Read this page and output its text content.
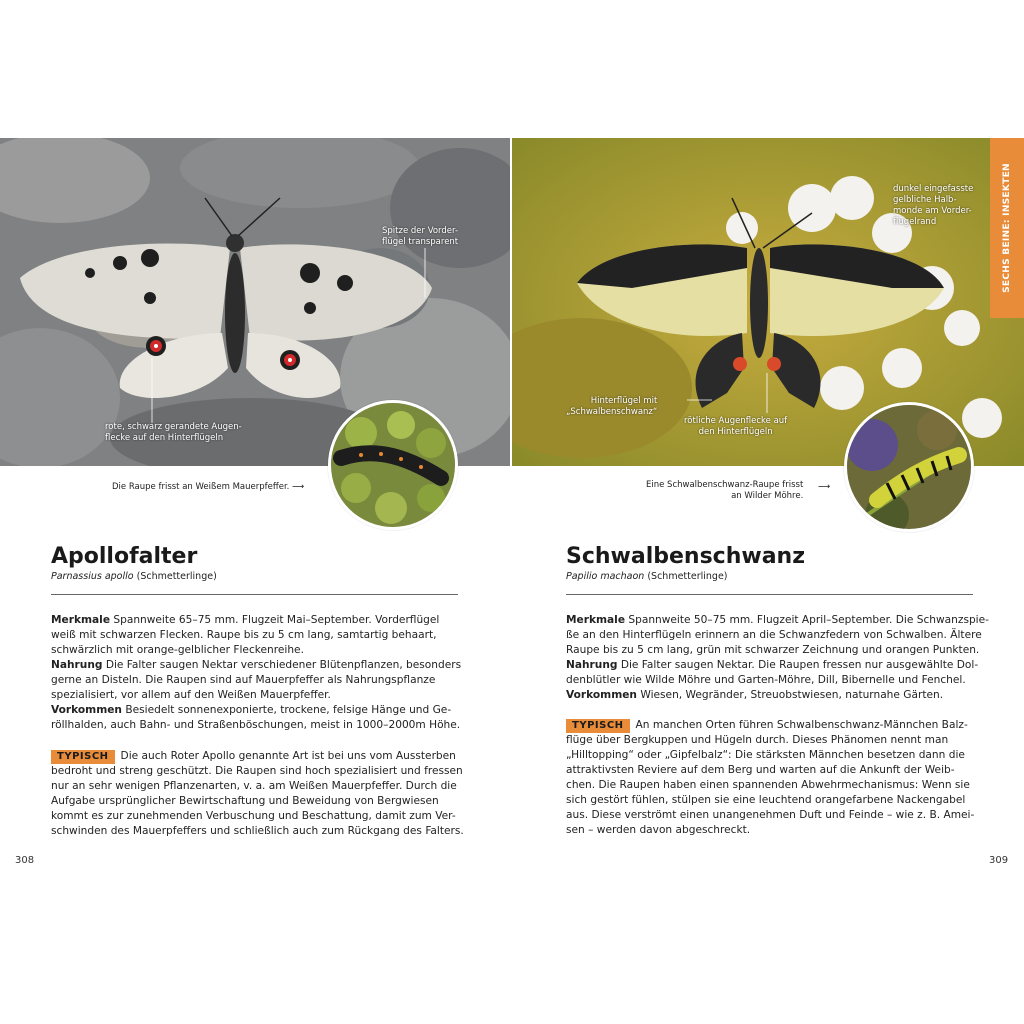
Spitze der Vorder-
flügel transparent
rote, schwarz gerandete Augen-
flecke auf den Hinterflügeln
Die Raupe frisst an Weißem Mauerpfeffer. ⟶
dunkel eingefasste
gelbliche Halb-
monde am Vorder-
flügelrand
Hinterflügel mit
„Schwalbenschwanz“
rötliche Augenflecke auf
den Hinterflügeln
Eine Schwalbenschwanz-Raupe frisst
an Wilder Möhre.
⟶
SECHS BEINE: INSEKTEN
Apollofalter
Parnassius apollo (Schmetterlinge)
Merkmale Spannweite 65–75 mm. Flugzeit Mai–September. Vorderflügel
weiß mit schwarzen Flecken. Raupe bis zu 5 cm lang, samtartig behaart,
schwärzlich mit orange-gelblicher Fleckenreihe.
Nahrung Die Falter saugen Nektar verschiedener Blütenpflanzen, besonders
gerne an Disteln. Die Raupen sind auf Mauerpfeffer als Nahrungspflanze
spezialisiert, vor allem auf den Weißen Mauerpfeffer.
Vorkommen Besiedelt sonnenexponierte, trockene, felsige Hänge und Ge-
röllhalden, auch Bahn- und Straßenböschungen, meist in 1000–2000m Höhe.
TYPISCH Die auch Roter Apollo genannte Art ist bei uns vom Aussterben
bedroht und streng geschützt. Die Raupen sind hoch spezialisiert und fressen
nur an sehr wenigen Pflanzenarten, v. a. am Weißen Mauerpfeffer. Durch die
Aufgabe ursprünglicher Bewirtschaftung und Beweidung von Bergwiesen
kommt es zur zunehmenden Verbuschung und Beschattung, damit zum Ver-
schwinden des Mauerpfeffers und schließlich auch zum Rückgang des Falters.
308
Schwalbenschwanz
Papilio machaon (Schmetterlinge)
Merkmale Spannweite 50–75 mm. Flugzeit April–September. Die Schwanzspie-
ße an den Hinterflügeln erinnern an die Schwanzfedern von Schwalben. Ältere
Raupe bis zu 5 cm lang, grün mit schwarzer Zeichnung und orangen Punkten.
Nahrung Die Falter saugen Nektar. Die Raupen fressen nur ausgewählte Dol-
denblütler wie Wilde Möhre und Garten-Möhre, Dill, Bibernelle und Fenchel.
Vorkommen Wiesen, Wegränder, Streuobstwiesen, naturnahe Gärten.
TYPISCH An manchen Orten führen Schwalbenschwanz-Männchen Balz-
flüge über Bergkuppen und Hügeln durch. Dieses Phänomen nennt man
„Hilltopping“ oder „Gipfelbalz“: Die stärksten Männchen besetzen dann die
attraktivsten Reviere auf dem Berg und warten auf die Ankunft der Weib-
chen. Die Raupen haben einen spannenden Abwehrmechanismus: Wenn sie
sich gestört fühlen, stülpen sie eine leuchtend orangefarbene Nackengabel
aus. Diese verströmt einen unangenehmen Duft und Feinde – wie z. B. Amei-
sen – werden davon abgeschreckt.
309
